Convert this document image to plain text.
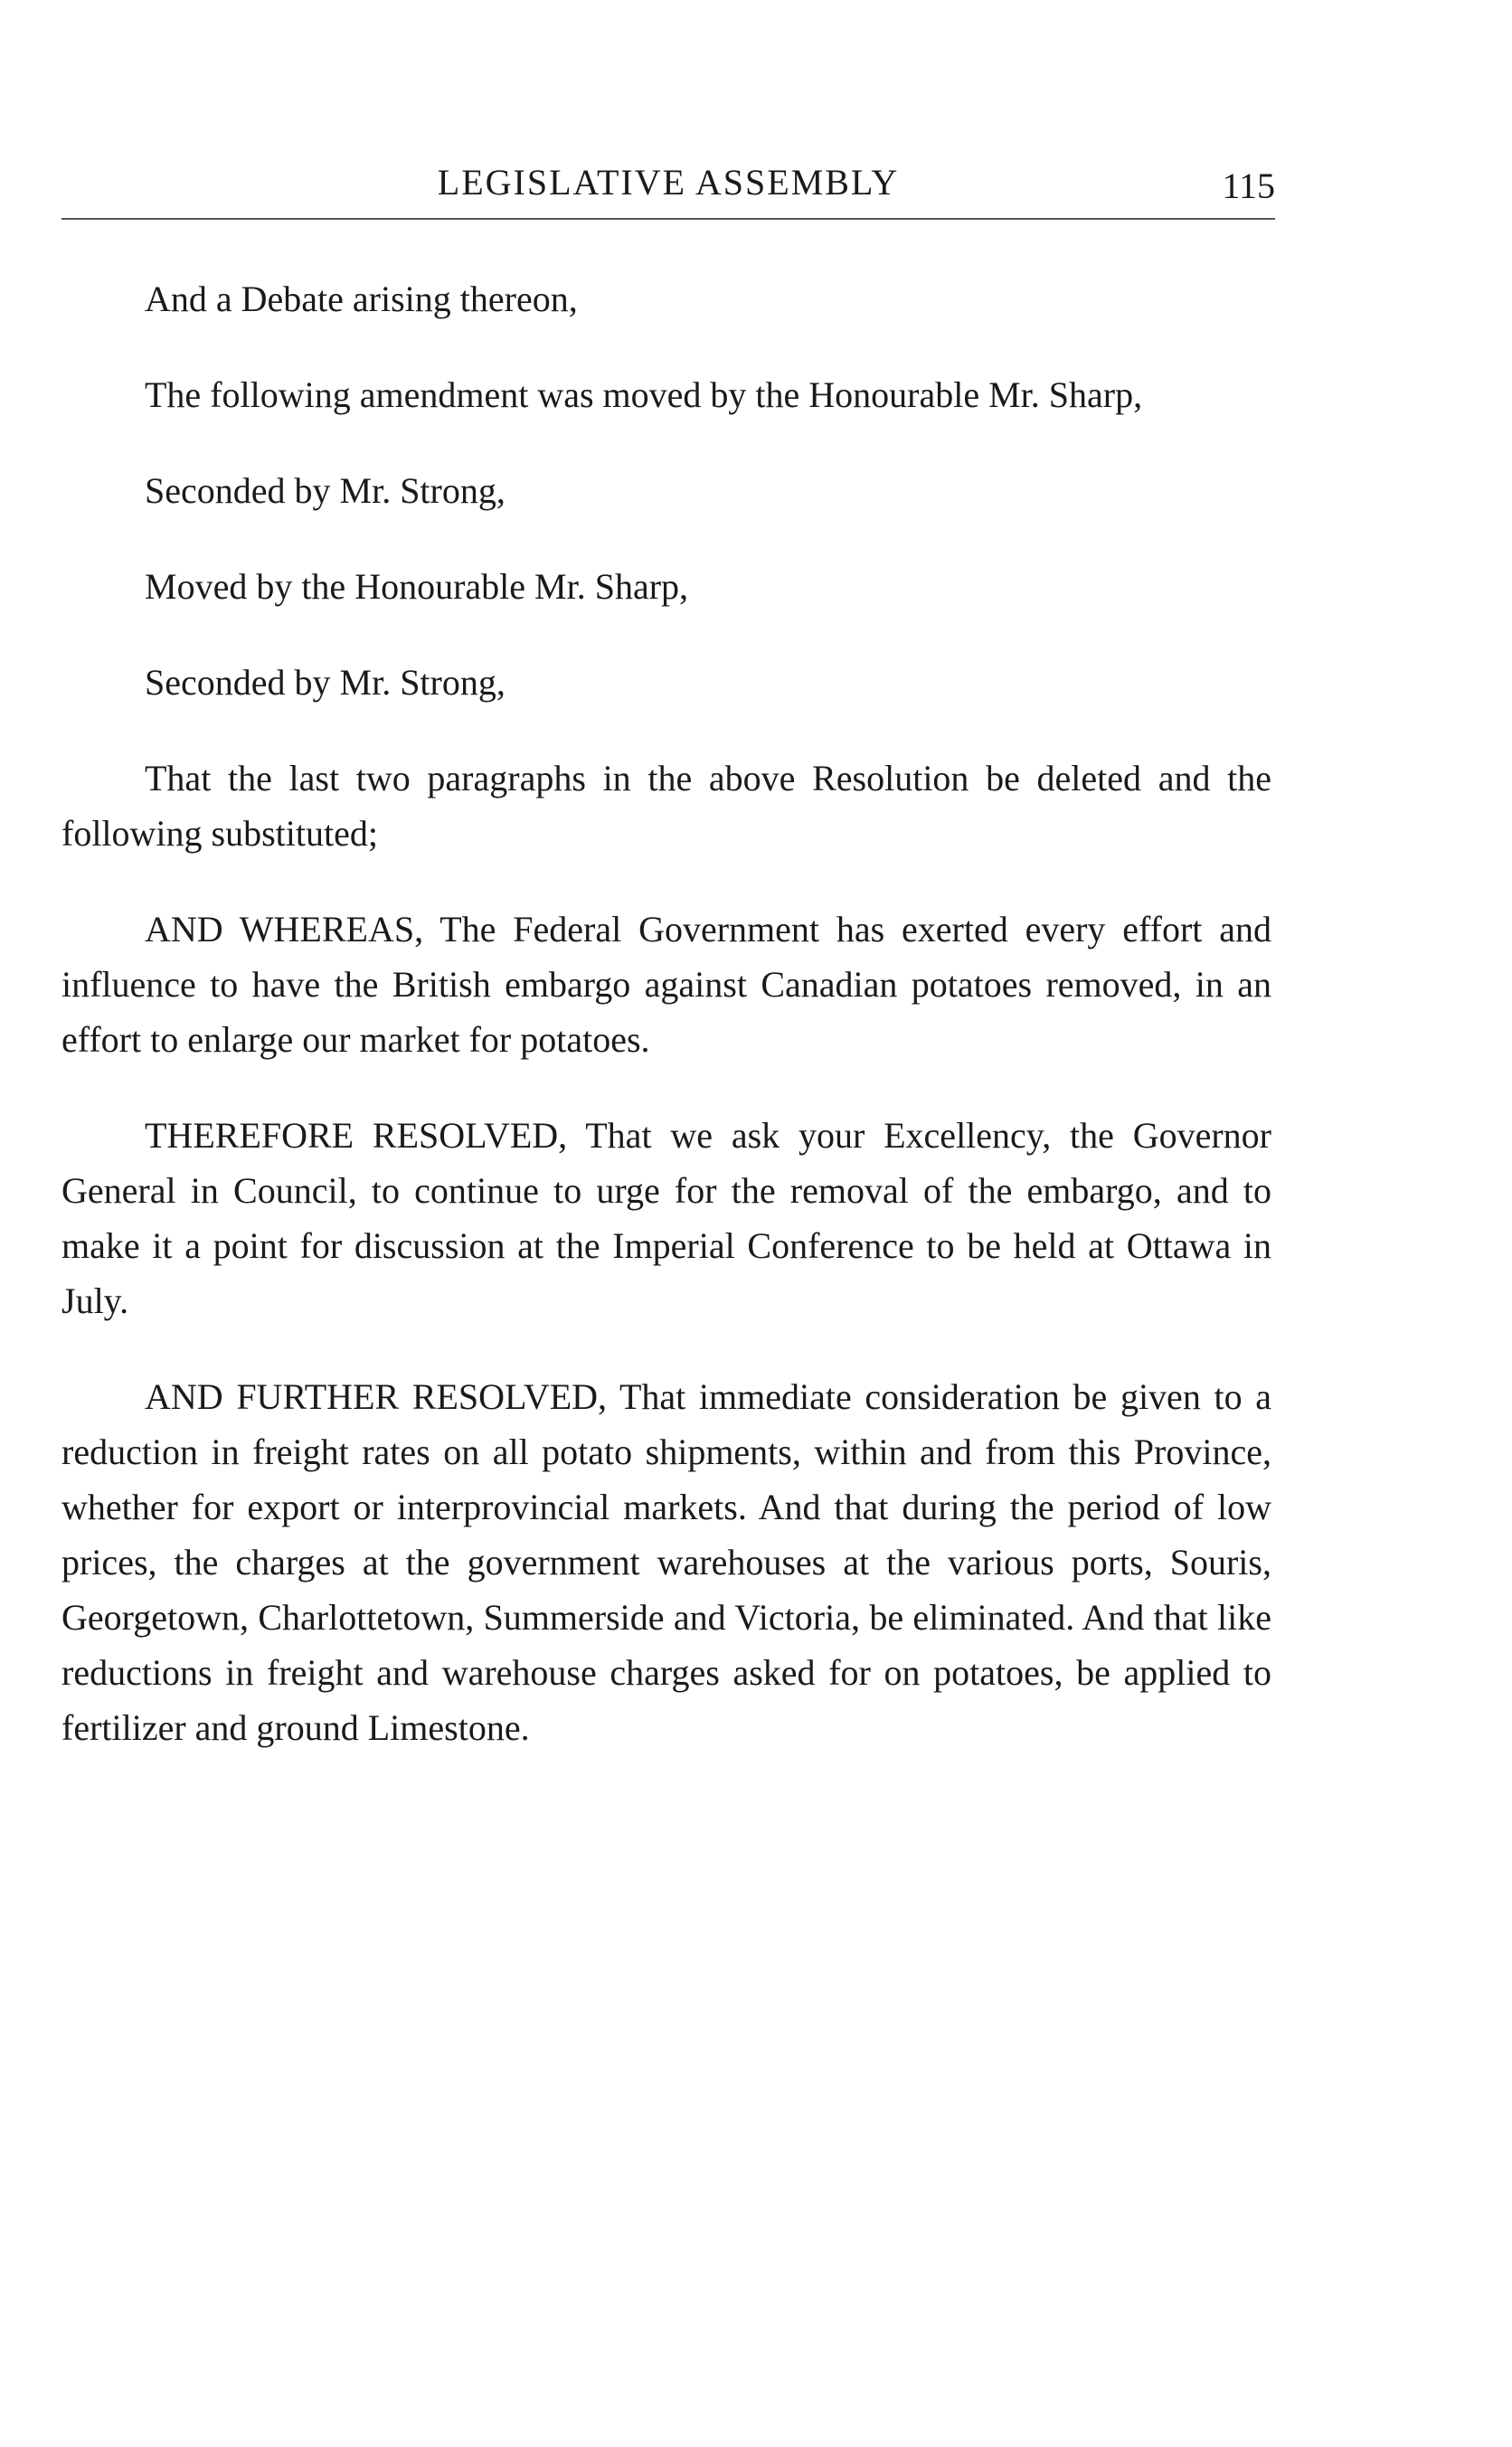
LEGISLATIVE ASSEMBLY	115

And a Debate arising thereon,

The following amendment was moved by the Honourable Mr. Sharp,

Seconded by Mr. Strong,

Moved by the Honourable Mr. Sharp,

Seconded by Mr. Strong,

That the last two paragraphs in the above Resolution be deleted and the following substituted;

AND WHEREAS, The Federal Government has exerted every effort and influence to have the British embargo against Canadian potatoes removed, in an effort to enlarge our market for potatoes.

THEREFORE RESOLVED, That we ask your Excellency, the Governor General in Council, to continue to urge for the removal of the embargo, and to make it a point for discussion at the Imperial Conference to be held at Ottawa in July.

AND FURTHER RESOLVED, That immediate consideration be given to a reduction in freight rates on all potato shipments, within and from this Province, whether for export or interprovincial markets. And that during the period of low prices, the charges at the government warehouses at the various ports, Souris, Georgetown, Charlottetown, Summerside and Victoria, be eliminated. And that like reductions in freight and warehouse charges asked for on potatoes, be applied to fertilizer and ground Limestone.
